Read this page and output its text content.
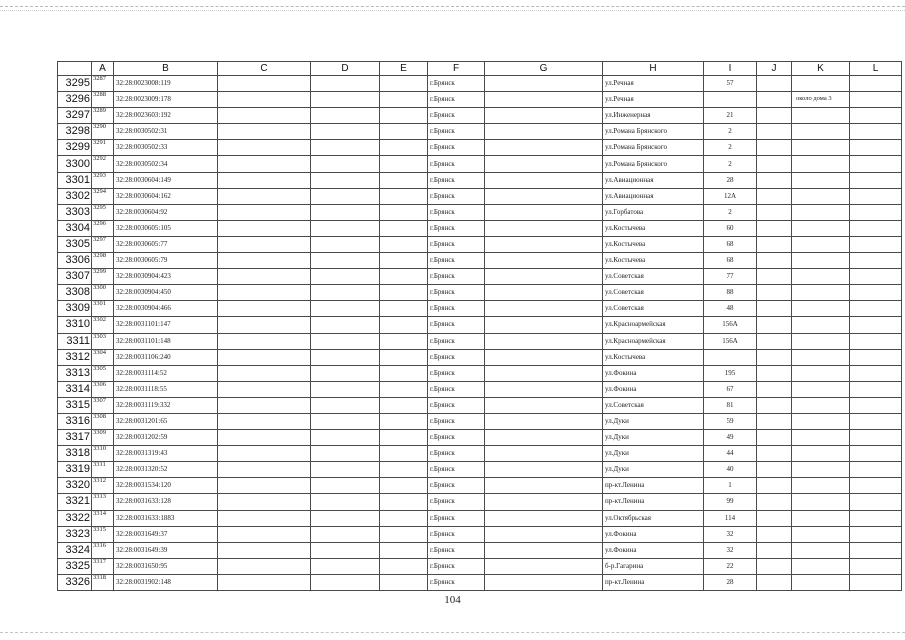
	A	B	C	D	E	F	G	H	I	J	K	L
3295	3287	32:28:0023008:119				г.Брянск		ул.Речная	57			
3296	3288	32:28:0023009:178				г.Брянск		ул.Речная			около дома 3	
3297	3289	32:28:0023603:192				г.Брянск		ул.Инженерная	21			
3298	3290	32:28:0030502:31				г.Брянск		ул.Романа Брянского	2			
3299	3291	32:28:0030502:33				г.Брянск		ул.Романа Брянского	2			
3300	3292	32:28:0030502:34				г.Брянск		ул.Романа Брянского	2			
3301	3293	32:28:0030604:149				г.Брянск		ул.Авиационная	28			
3302	3294	32:28:0030604:162				г.Брянск		ул.Авиационная	12А			
3303	3295	32:28:0030604:92				г.Брянск		ул.Горбатова	2			
3304	3296	32:28:0030605:105				г.Брянск		ул.Костычева	60			
3305	3297	32:28:0030605:77				г.Брянск		ул.Костычева	68			
3306	3298	32:28:0030605:79				г.Брянск		ул.Костычева	68			
3307	3299	32:28:0030904:423				г.Брянск		ул.Советская	77			
3308	3300	32:28:0030904:450				г.Брянск		ул.Советская	88			
3309	3301	32:28:0030904:466				г.Брянск		ул.Советская	48			
3310	3302	32:28:0031101:147				г.Брянск		ул.Красноармейская	156А			
3311	3303	32:28:0031101:148				г.Брянск		ул.Красноармейская	156А			
3312	3304	32:28:0031106:240				г.Брянск		ул.Костычева				
3313	3305	32:28:0031114:52				г.Брянск		ул.Фокина	195			
3314	3306	32:28:0031118:55				г.Брянск		ул.Фокина	67			
3315	3307	32:28:0031119:332				г.Брянск		ул.Советская	81			
3316	3308	32:28:0031201:65				г.Брянск		ул.Дуки	59			
3317	3309	32:28:0031202:59				г.Брянск		ул.Дуки	49			
3318	3310	32:28:0031319:43				г.Брянск		ул.Дуки	44			
3319	3311	32:28:0031320:52				г.Брянск		ул.Дуки	40			
3320	3312	32:28:0031534:120				г.Брянск		пр-кт.Ленина	1			
3321	3313	32:28:0031633:128				г.Брянск		пр-кт.Ленина	99			
3322	3314	32:28:0031633:1883				г.Брянск		ул.Октябрьская	114			
3323	3315	32:28:0031649:37				г.Брянск		ул.Фокина	32			
3324	3316	32:28:0031649:39				г.Брянск		ул.Фокина	32			
3325	3317	32:28:0031650:95				г.Брянск		б-р.Гагарина	22			
3326	3318	32:28:0031902:148				г.Брянск		пр-кт.Ленина	28			
104
